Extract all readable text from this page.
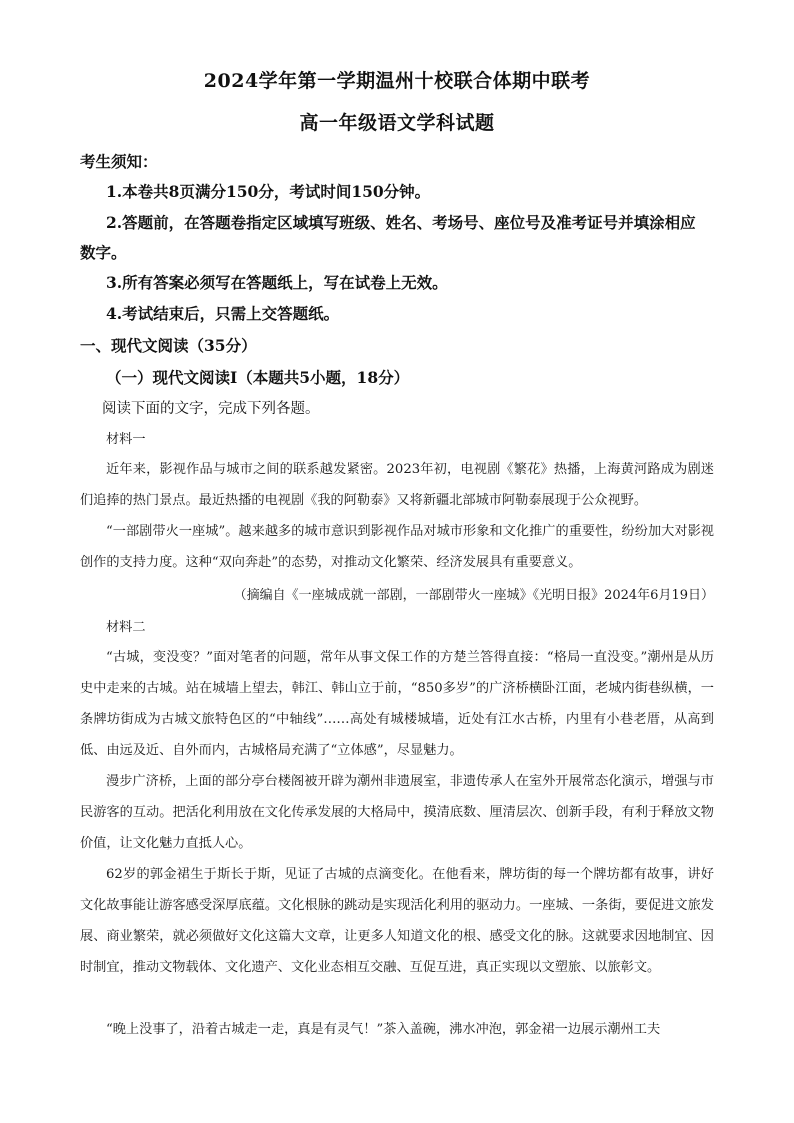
2024学年第一学期温州十校联合体期中联考
高一年级语文学科试题

考生须知：

1.本卷共8页满分150分，考试时间150分钟。

2.答题前，在答题卷指定区域填写班级、姓名、考场号、座位号及准考证号并填涂相应

数字。

3.所有答案必须写在答题纸上，写在试卷上无效。

4.考试结束后，只需上交答题纸。

一、现代文阅读（35分）

（一）现代文阅读Ⅰ（本题共5小题，18分）

阅读下面的文字，完成下列各题。

材料一

近年来，影视作品与城市之间的联系越发紧密。2023年初，电视剧《繁花》热播，上海黄河路成为剧迷们追捧的热门景点。最近热播的电视剧《我的阿勒泰》又将新疆北部城市阿勒泰展现于公众视野。

“一部剧带火一座城”。越来越多的城市意识到影视作品对城市形象和文化推广的重要性，纷纷加大对影视创作的支持力度。这种“双向奔赴”的态势，对推动文化繁荣、经济发展具有重要意义。

（摘编自《一座城成就一部剧，一部剧带火一座城》《光明日报》2024年6月19日）

材料二

“古城，变没变？”面对笔者的问题，常年从事文保工作的方楚兰答得直接：“格局一直没变。”潮州是从历史中走来的古城。站在城墙上望去，韩江、韩山立于前，“850多岁”的广济桥横卧江面，老城内街巷纵横，一条牌坊街成为古城文旅特色区的“中轴线”……高处有城楼城墙，近处有江水古桥，内里有小巷老厝，从高到低、由远及近、自外而内，古城格局充满了“立体感”，尽显魅力。

漫步广济桥，上面的部分亭台楼阁被开辟为潮州非遗展室，非遗传承人在室外开展常态化演示，增强与市民游客的互动。把活化利用放在文化传承发展的大格局中，摸清底数、厘清层次、创新手段，有利于释放文物价值，让文化魅力直抵人心。

62岁的郭金裙生于斯长于斯，见证了古城的点滴变化。在他看来，牌坊街的每一个牌坊都有故事，讲好文化故事能让游客感受深厚底蕴。文化根脉的跳动是实现活化利用的驱动力。一座城、一条街，要促进文旅发展、商业繁荣，就必须做好文化这篇大文章，让更多人知道文化的根、感受文化的脉。这就要求因地制宜、因时制宜，推动文物载体、文化遗产、文化业态相互交融、互促互进，真正实现以文塑旅、以旅彰文。

“晚上没事了，沿着古城走一走，真是有灵气！”茶入盖碗，沸水冲泡，郭金裙一边展示潮州工夫
